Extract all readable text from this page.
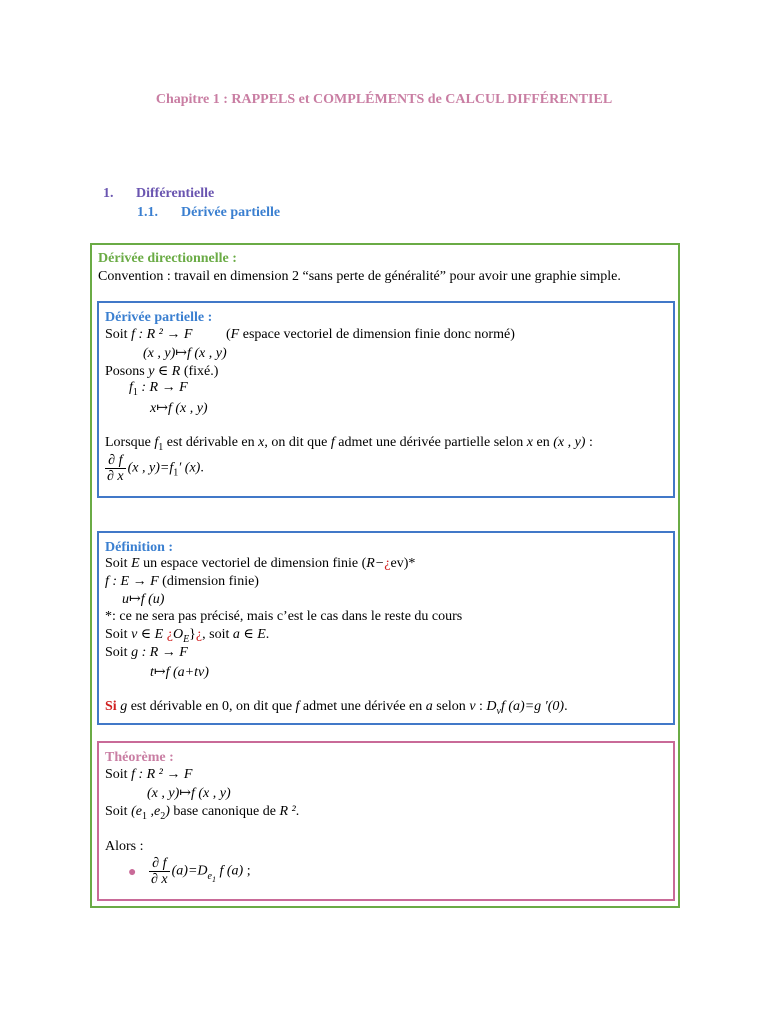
Chapitre 1 : RAPPELS et COMPLÉMENTS de CALCUL DIFFÉRENTIEL
1. Différentielle
1.1. Dérivée partielle
Dérivée directionnelle :
Convention : travail en dimension 2 “sans perte de généralité” pour avoir une graphie simple.
Dérivée partielle :
Soit f : R ² → F (F espace vectoriel de dimension finie donc normé)
(x , y)↦f (x , y)
Posons y ∈ R (fixé.)
$f_1$ : R → F
x↦f (x , y)
Lorsque $f_1$ est dérivable en x, on dit que f admet une dérivée partielle selon x en (x , y) :
$\frac{\partial f}{\partial x} (x$ , $y)=f_1'$ (x).
Définition :
Soit E un espace vectoriel de dimension finie (R−¿ev)*
f : E → F (dimension finie)
u↦f (u)
*: ce ne sera pas précisé, mais c’est le cas dans le reste du cours
Soit v ∈ E ¿$O_E\}¿$, soit a ∈ E.
Soit g : R → F
t↦f (a+tv)
Si g est dérivable en 0, on dit que f admet une dérivée en a selon v : $D_vf$ (a)=g ′(0).
Théorème :
Soit f : R ² → F
(x , y)↦f (x , y)
Soit ($e_1$ $,e_2$) base canonique de R ².
Alors :
● $\frac{\partial f}{\partial x} (a)=D_{e_1}$ f (a) ;
